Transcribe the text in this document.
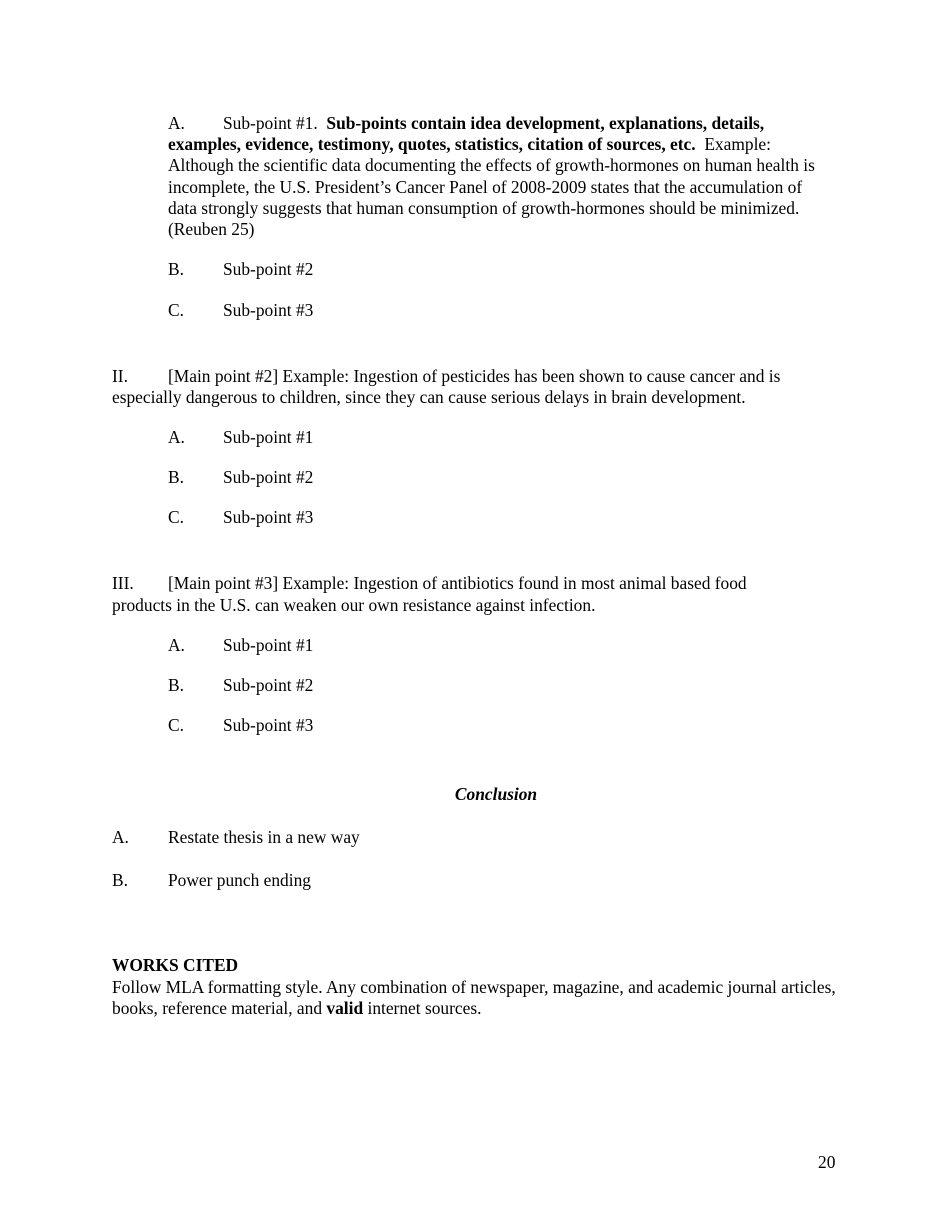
A. Sub-point #1. Sub-points contain idea development, explanations, details, examples, evidence, testimony, quotes, statistics, citation of sources, etc. Example: Although the scientific data documenting the effects of growth-hormones on human health is incomplete, the U.S. President’s Cancer Panel of 2008-2009 states that the accumulation of data strongly suggests that human consumption of growth-hormones should be minimized. (Reuben 25)
B. Sub-point #2
C. Sub-point #3
II. [Main point #2] Example: Ingestion of pesticides has been shown to cause cancer and is
especially dangerous to children, since they can cause serious delays in brain development.
A. Sub-point #1
B. Sub-point #2
C. Sub-point #3
III. [Main point #3] Example: Ingestion of antibiotics found in most animal based food
products in the U.S. can weaken our own resistance against infection.
A. Sub-point #1
B. Sub-point #2
C. Sub-point #3
Conclusion
A. Restate thesis in a new way
B. Power punch ending
WORKS CITED
Follow MLA formatting style. Any combination of newspaper, magazine, and academic journal articles, books, reference material, and valid internet sources.
20
